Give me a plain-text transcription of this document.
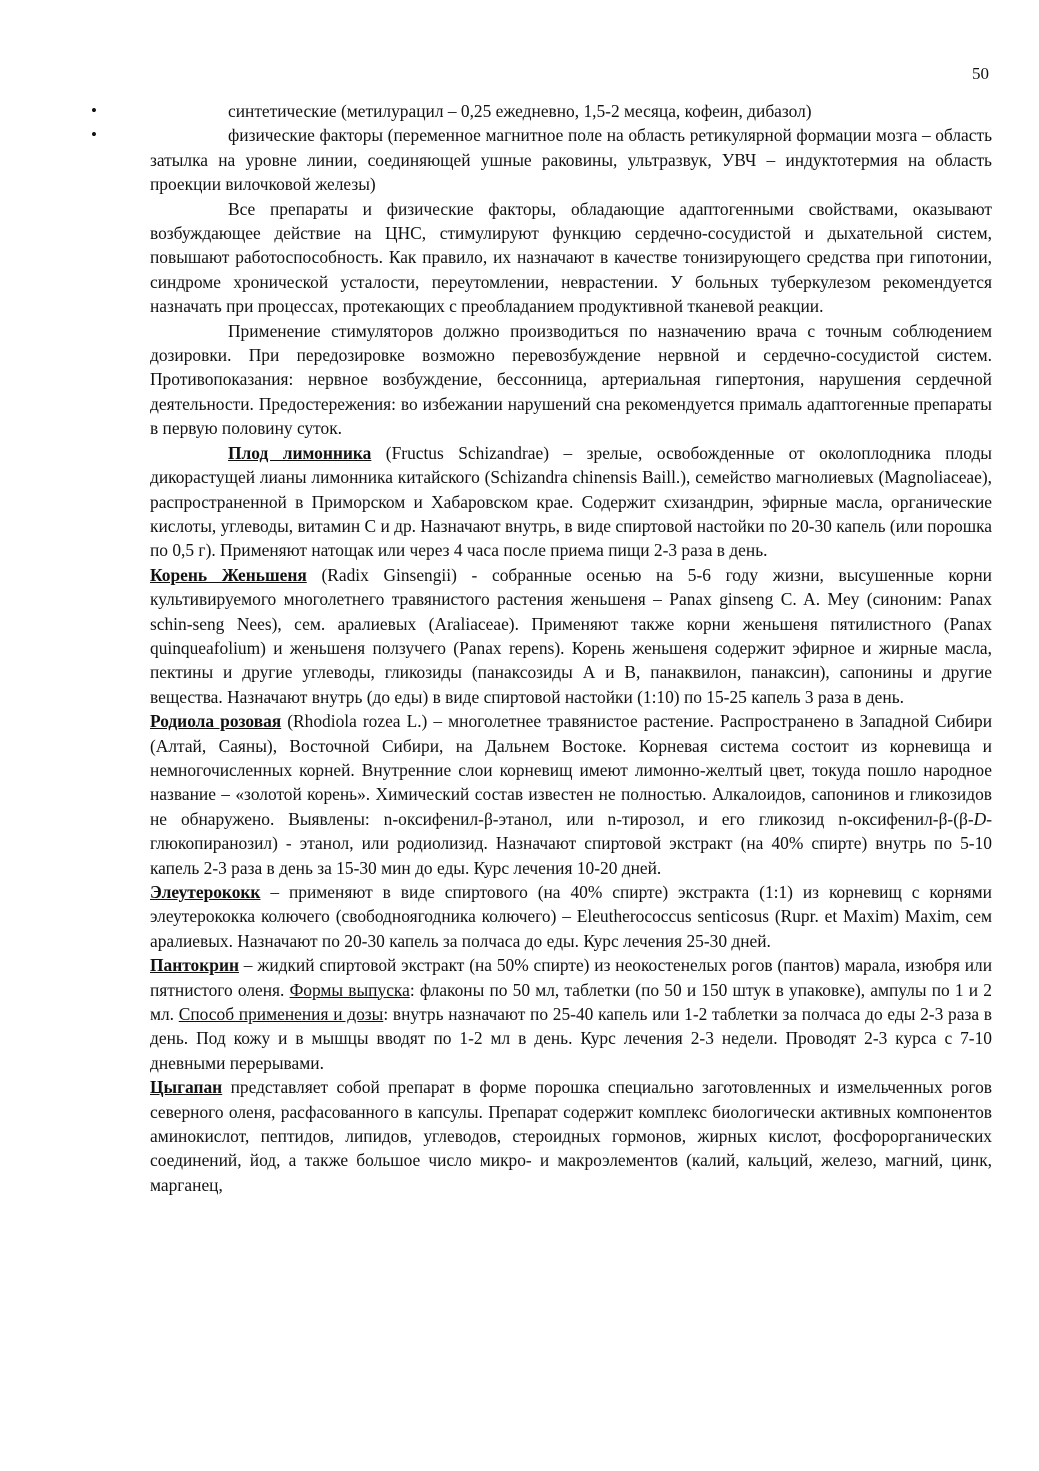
50

•	синтетические (метилурацил – 0,25 ежедневно, 1,5-2 месяца, кофеин, дибазол)

•	физические факторы (переменное магнитное поле на область ретикулярной формации мозга – область затылка на уровне линии, соединяющей ушные раковины, ультразвук, УВЧ – индуктотермия на область проекции вилочковой железы)

Все препараты и физические факторы, обладающие адаптогенными свойствами, оказывают возбуждающее действие на ЦНС, стимулируют функцию сердечно-сосудистой и дыхательной систем, повышают работоспособность. Как правило, их назначают в качестве тонизирующего средства при гипотонии, синдроме хронической усталости, переутомлении, неврастении. У больных туберкулезом рекомендуется назначать при процессах, протекающих с преобладанием продуктивной тканевой реакции.

Применение стимуляторов должно производиться по назначению врача с точным соблюдением дозировки. При передозировке возможно перевозбуждение нервной и сердечно-сосудистой систем. Противопоказания: нервное возбуждение, бессонница, артериальная гипертония, нарушения сердечной деятельности. Предостережения: во избежании нарушений сна рекомендуется прималь адаптогенные препараты в первую половину суток.

Плод лимонника (Fructus Schizandrae) – зрелые, освобожденные от околоплодника плоды дикорастущей лианы лимонника китайского (Schizandra chinensis Baill.), семейство магнолиевых (Magnoliaceae), распространенной в Приморском и Хабаровском крае. Содержит схизандрин, эфирные масла, органические кислоты, углеводы, витамин С и др. Назначают внутрь, в виде спиртовой настойки по 20-30 капель (или порошка по 0,5 г). Применяют натощак или через 4 часа после приема пищи 2-3 раза в день.

Корень Женьшеня (Radix Ginsengii) - собранные осенью на 5-6 году жизни, высушенные корни культивируемого многолетнего травянистого растения женьшеня – Panax ginseng C. A. Mey (синоним: Panax schin-seng Nees), сем. аралиевых (Araliaceae). Применяют также корни женьшеня пятилистного (Panax quinqueafolium) и женьшеня ползучего (Panax repens). Корень женьшеня содержит эфирное и жирные масла, пектины и другие углеводы, гликозиды (панаксозиды А и В, панаквилон, панаксин), сапонины и другие вещества. Назначают внутрь (до еды) в виде спиртовой настойки (1:10) по 15-25 капель 3 раза в день.

Родиола розовая (Rhodiola rozea L.) – многолетнее травянистое растение. Распространено в Западной Сибири (Алтай, Саяны), Восточной Сибири, на Дальнем Востоке. Корневая система состоит из корневища и немногочисленных корней. Внутренние слои корневищ имеют лимонно-желтый цвет, токуда пошло народное название – «золотой корень». Химический состав известен не полностью. Алкалоидов, сапонинов и гликозидов не обнаружено. Выявлены: n-оксифенил-β-этанол, или n-тирозол, и его гликозид n-оксифенил-β-(β-D-глюкопиранозил) - этанол, или родиолизид. Назначают спиртовой экстракт (на 40% спирте) внутрь по 5-10 капель 2-3 раза в день за 15-30 мин до еды. Курс лечения 10-20 дней.

Элеутерококк – применяют в виде спиртового (на 40% спирте) экстракта (1:1) из корневищ с корнями элеутерококка колючего (свободноягодника колючего) – Eleutherococcus senticosus (Rupr. et Maxim) Maxim, сем аралиевых. Назначают по 20-30 капель за полчаса до еды. Курс лечения 25-30 дней.

Пантокрин – жидкий спиртовой экстракт (на 50% спирте) из неокостенелых рогов (пантов) марала, изюбря или пятнистого оленя. Формы выпуска: флаконы по 50 мл, таблетки (по 50 и 150 штук в упаковке), ампулы по 1 и 2 мл. Способ применения и дозы: внутрь назначают по 25-40 капель или 1-2 таблетки за полчаса до еды 2-3 раза в день. Под кожу и в мышцы вводят по 1-2 мл в день. Курс лечения 2-3 недели. Проводят 2-3 курса с 7-10 дневными перерывами.

Цыгапан представляет собой препарат в форме порошка специально заготовленных и измельченных рогов северного оленя, расфасованного в капсулы. Препарат содержит комплекс биологически активных компонентов аминокислот, пептидов, липидов, углеводов, стероидных гормонов, жирных кислот, фосфорорганических соединений, йод, а также большое число микро- и макроэлементов (калий, кальций, железо, магний, цинк, марганец,
